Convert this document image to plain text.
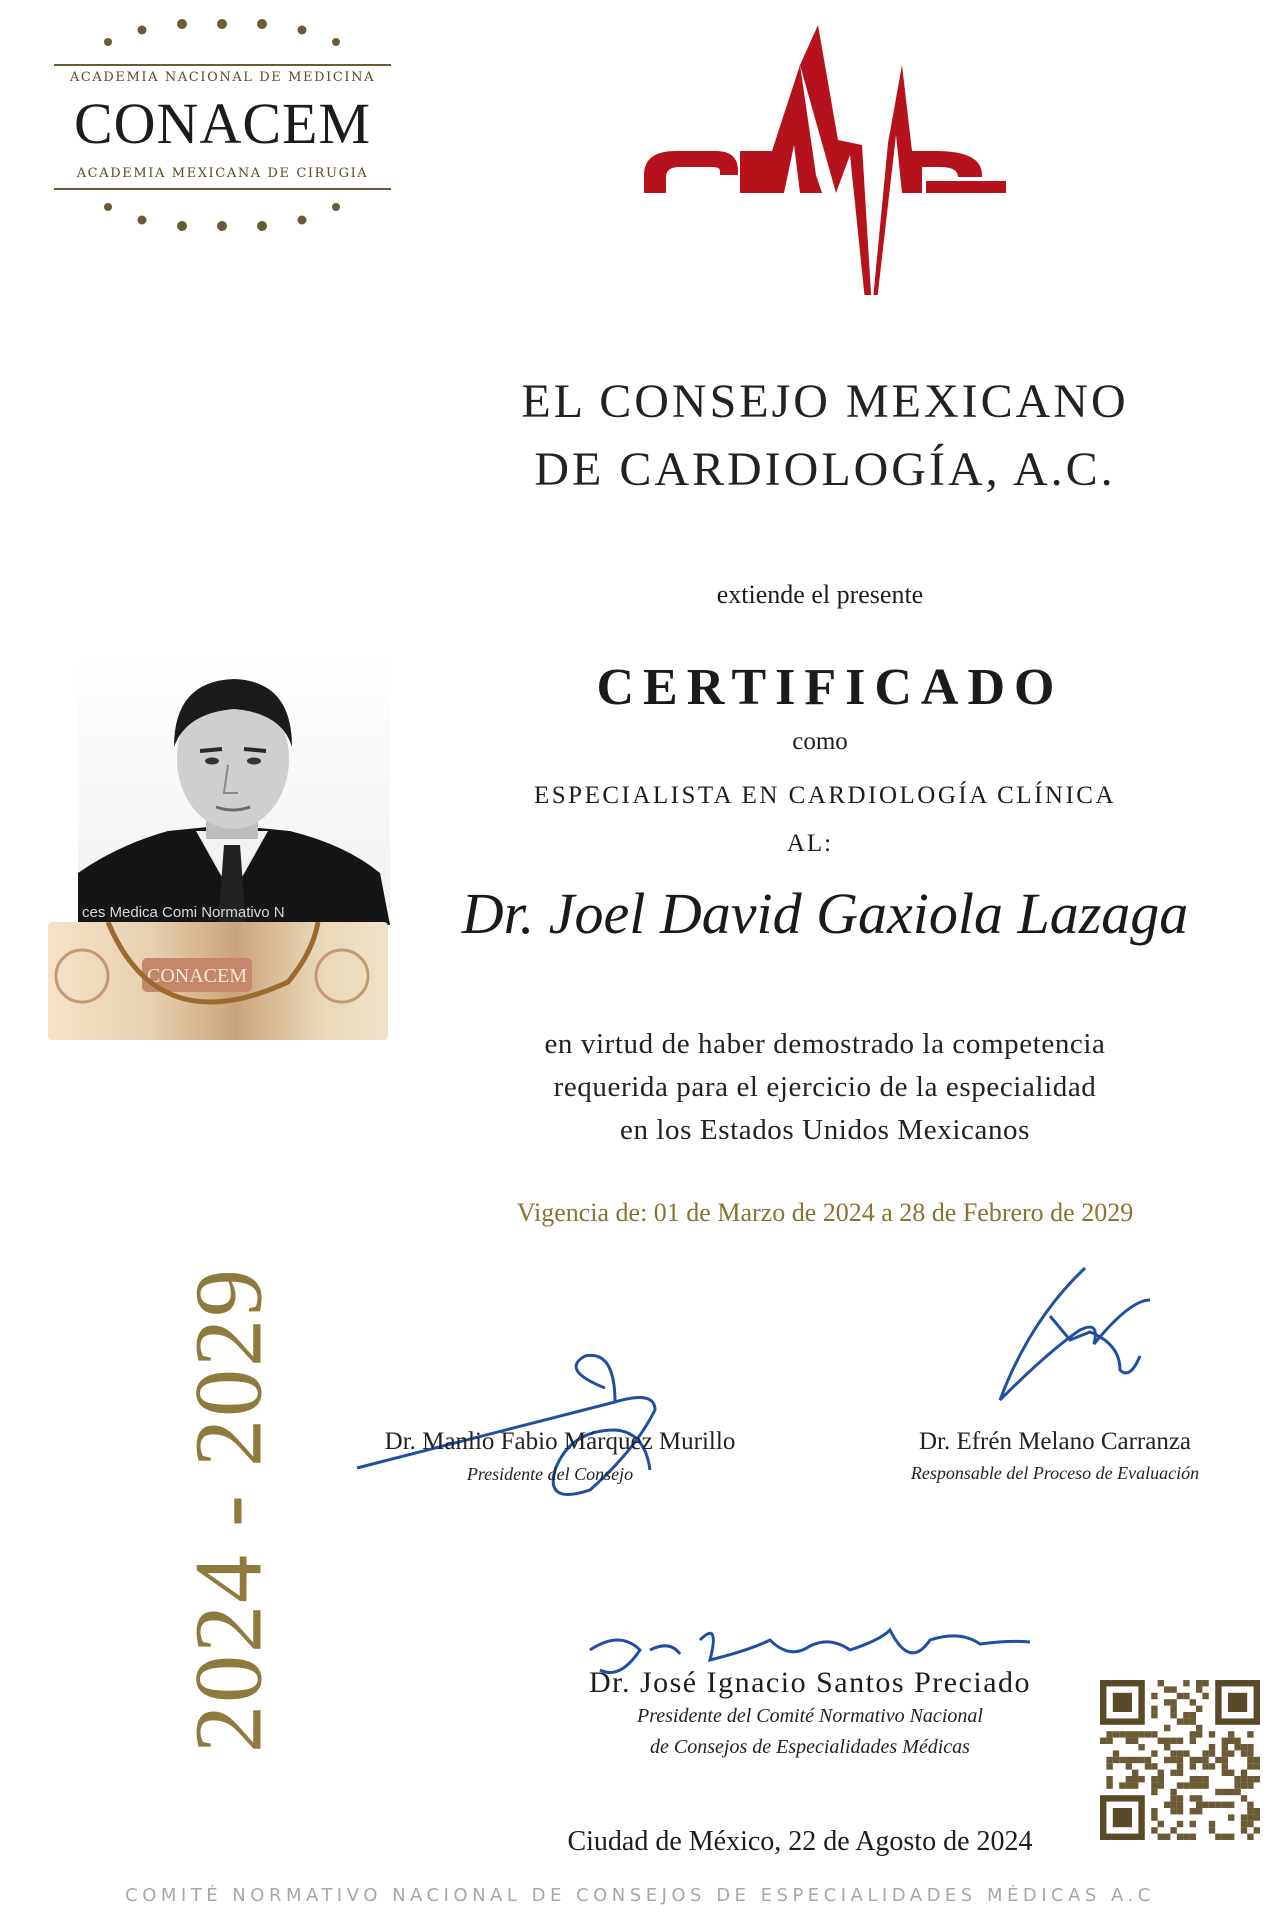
ACADEMIA NACIONAL DE MEDICINA
CONACEM
ACADEMIA MEXICANA DE CIRUGIA
EL CONSEJO MEXICANO
DE CARDIOLOGÍA, A.C.
extiende el presente
CERTIFICADO
como
ESPECIALISTA EN CARDIOLOGÍA CLÍNICA
AL:
Dr. Joel David Gaxiola Lazaga
en virtud de haber demostrado la competencia
requerida para el ejercicio de la especialidad
en los Estados Unidos Mexicanos
Vigencia de: 01 de Marzo de 2024 a 28 de Febrero de 2029
2024 - 2029
ces Medica Comi Normativo N
CONACEM
Dr. Manlio Fabio Márquez Murillo
Presidente del Consejo
Dr. Efrén Melano Carranza
Responsable del Proceso de Evaluación
Dr. José Ignacio Santos Preciado
Presidente del Comité Normativo Nacional
de Consejos de Especialidades Médicas
Ciudad de México, 22 de Agosto de 2024
COMITÉ NORMATIVO NACIONAL DE CONSEJOS DE ESPECIALIDADES MÉDICAS A.C
